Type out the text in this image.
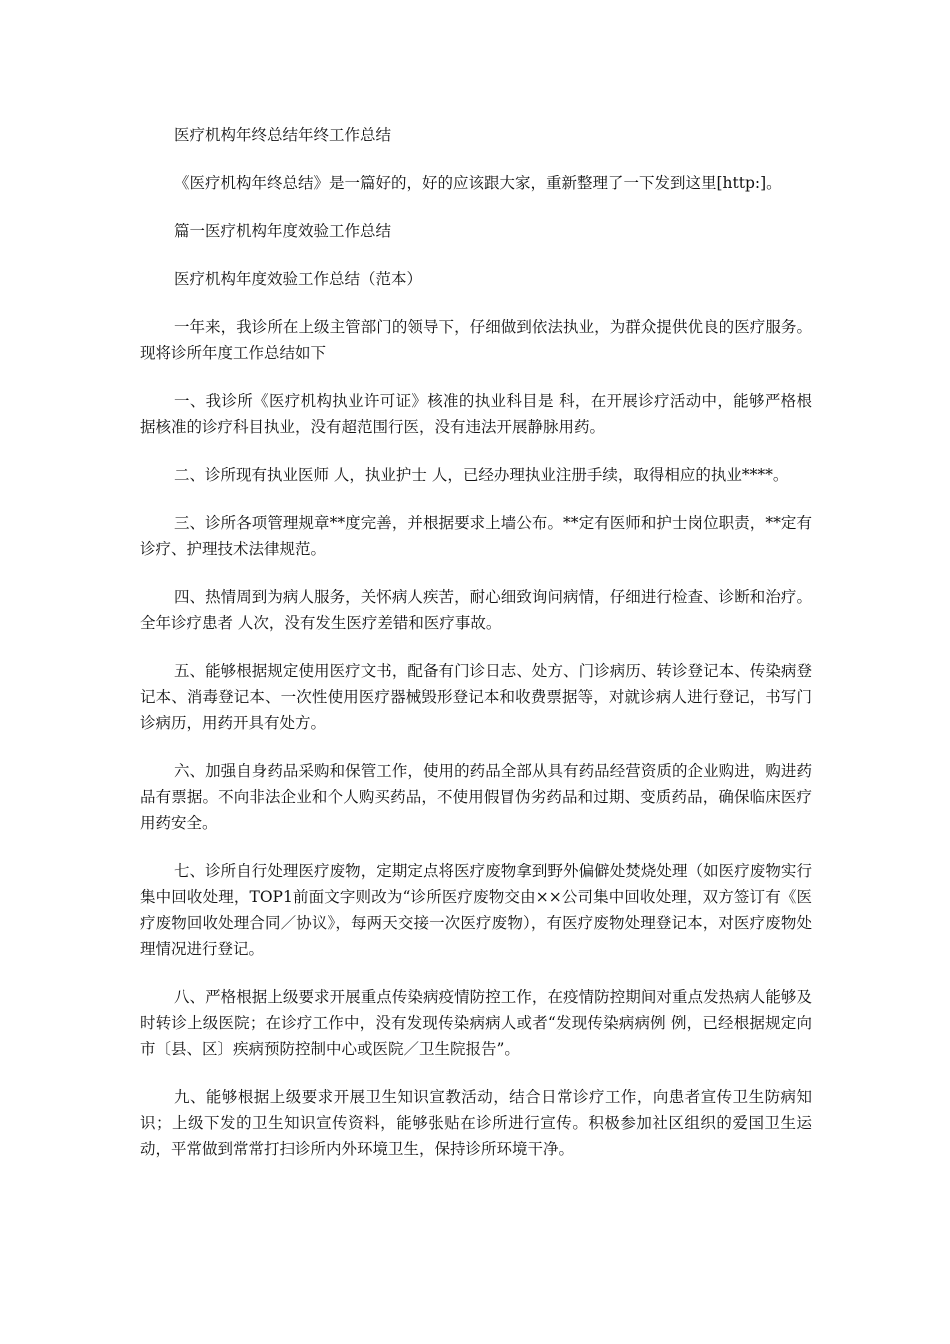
医疗机构年终总结年终工作总结

《医疗机构年终总结》是一篇好的，好的应该跟大家，重新整理了一下发到这里[http:]。

篇一医疗机构年度效验工作总结

医疗机构年度效验工作总结（范本）

一年来，我诊所在上级主管部门的领导下，仔细做到依法执业，为群众提供优良的医疗服务。现将诊所年度工作总结如下

一、我诊所《医疗机构执业许可证》核准的执业科目是 科，在开展诊疗活动中，能够严格根据核准的诊疗科目执业，没有超范围行医，没有违法开展静脉用药。

二、诊所现有执业医师 人，执业护士 人，已经办理执业注册手续，取得相应的执业****。

三、诊所各项管理规章**度完善，并根据要求上墙公布。**定有医师和护士岗位职责，**定有诊疗、护理技术法律规范。

四、热情周到为病人服务，关怀病人疾苦，耐心细致询问病情，仔细进行检查、诊断和治疗。全年诊疗患者 人次，没有发生医疗差错和医疗事故。

五、能够根据规定使用医疗文书，配备有门诊日志、处方、门诊病历、转诊登记本、传染病登记本、消毒登记本、一次性使用医疗器械毁形登记本和收费票据等，对就诊病人进行登记，书写门诊病历，用药开具有处方。

六、加强自身药品采购和保管工作，使用的药品全部从具有药品经营资质的企业购进，购进药品有票据。不向非法企业和个人购买药品，不使用假冒伪劣药品和过期、变质药品，确保临床医疗用药安全。

七、诊所自行处理医疗废物，定期定点将医疗废物拿到野外偏僻处焚烧处理（如医疗废物实行集中回收处理，TOP1前面文字则改为“诊所医疗废物交由××公司集中回收处理，双方签订有《医疗废物回收处理合同／协议》，每两天交接一次医疗废物），有医疗废物处理登记本，对医疗废物处理情况进行登记。

八、严格根据上级要求开展重点传染病疫情防控工作，在疫情防控期间对重点发热病人能够及时转诊上级医院；在诊疗工作中，没有发现传染病病人或者“发现传染病病例 例，已经根据规定向市〔县、区〕疾病预防控制中心或医院／卫生院报告”。

九、能够根据上级要求开展卫生知识宣教活动，结合日常诊疗工作，向患者宣传卫生防病知识；上级下发的卫生知识宣传资料，能够张贴在诊所进行宣传。积极参加社区组织的爱国卫生运动，平常做到常常打扫诊所内外环境卫生，保持诊所环境干净。
